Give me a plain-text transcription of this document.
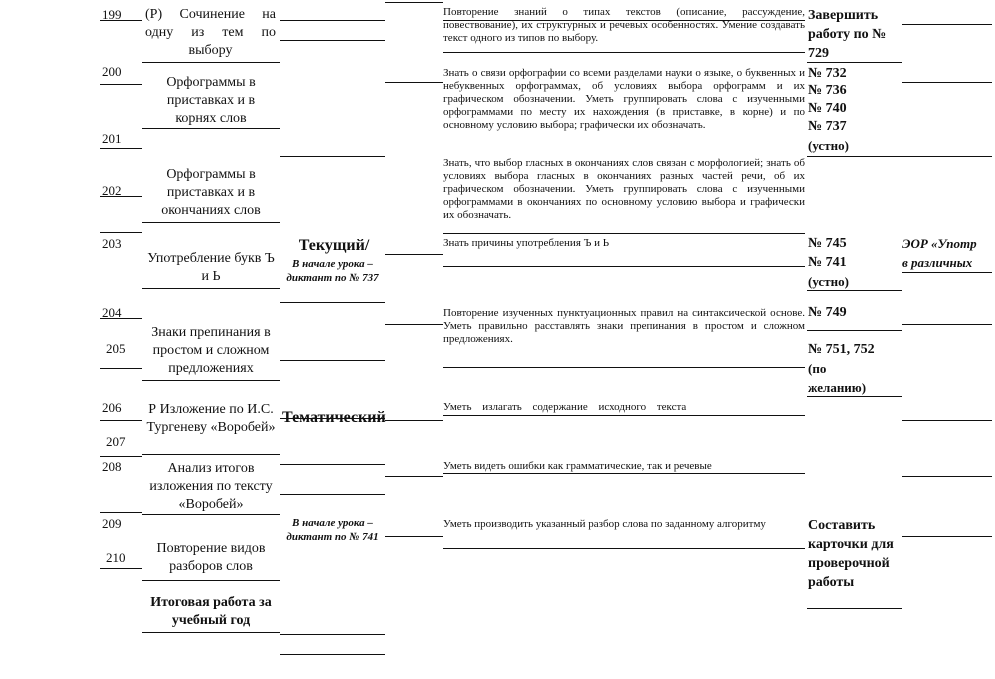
199
200
201
202
203
204
205
206
207
208
209
210
(Р) Сочинение на одну из тем по выбору
Орфограммы в приставках и в корнях слов
Орфограммы в приставках и в окончаниях слов
Употребление букв Ъ и Ь
Знаки препинания в простом и сложном предложениях
Р Изложение по И.С. Тургеневу «Воробей»
Анализ итогов изложения по тексту «Воробей»
Повторение видов разборов слов
Итоговая работа за учебный год
Текущий/
В начале урока – диктант по № 737
Тематический
В начале урока – диктант по № 741
Повторение знаний о типах текстов (описание, рассуждение, повествование), их структурных и речевых особенностях. Умение создавать текст одного из типов по выбору.
Знать о связи орфографии со всеми разделами науки о языке, о буквенных и небуквенных орфограммах, об условиях выбора орфограмм и их графическом обозначении. Уметь группировать слова с изученными орфограммами по месту их нахождения (в приставке, в корне) и по основному условию выбора; графически их обозначать.
Знать, что выбор гласных в окончаниях слов связан с морфологией; знать об условиях выбора гласных в окончаниях разных частей речи, об их графическом обозначении. Уметь группировать слова с изученными орфограммами в окончаниях по основному условию выбора и графически их обозначать.
Знать причины употребления Ъ и Ь
Повторение изученных пунктуационных правил на синтаксической основе. Уметь правильно расставлять знаки препинания в простом и сложном предложениях.
Уметь излагать содержание исходного текста
Уметь видеть ошибки как грамматические, так и речевые
Уметь производить указанный разбор слова по заданному алгоритму
Завершить работу по № 729
№ 732
№ 736
№ 740
№ 737
(устно)
№ 745
№ 741
(устно)
№ 749
№ 751, 752
(по
желанию)
Составить карточки для проверочной работы
ЭОР «Употр
в различных
